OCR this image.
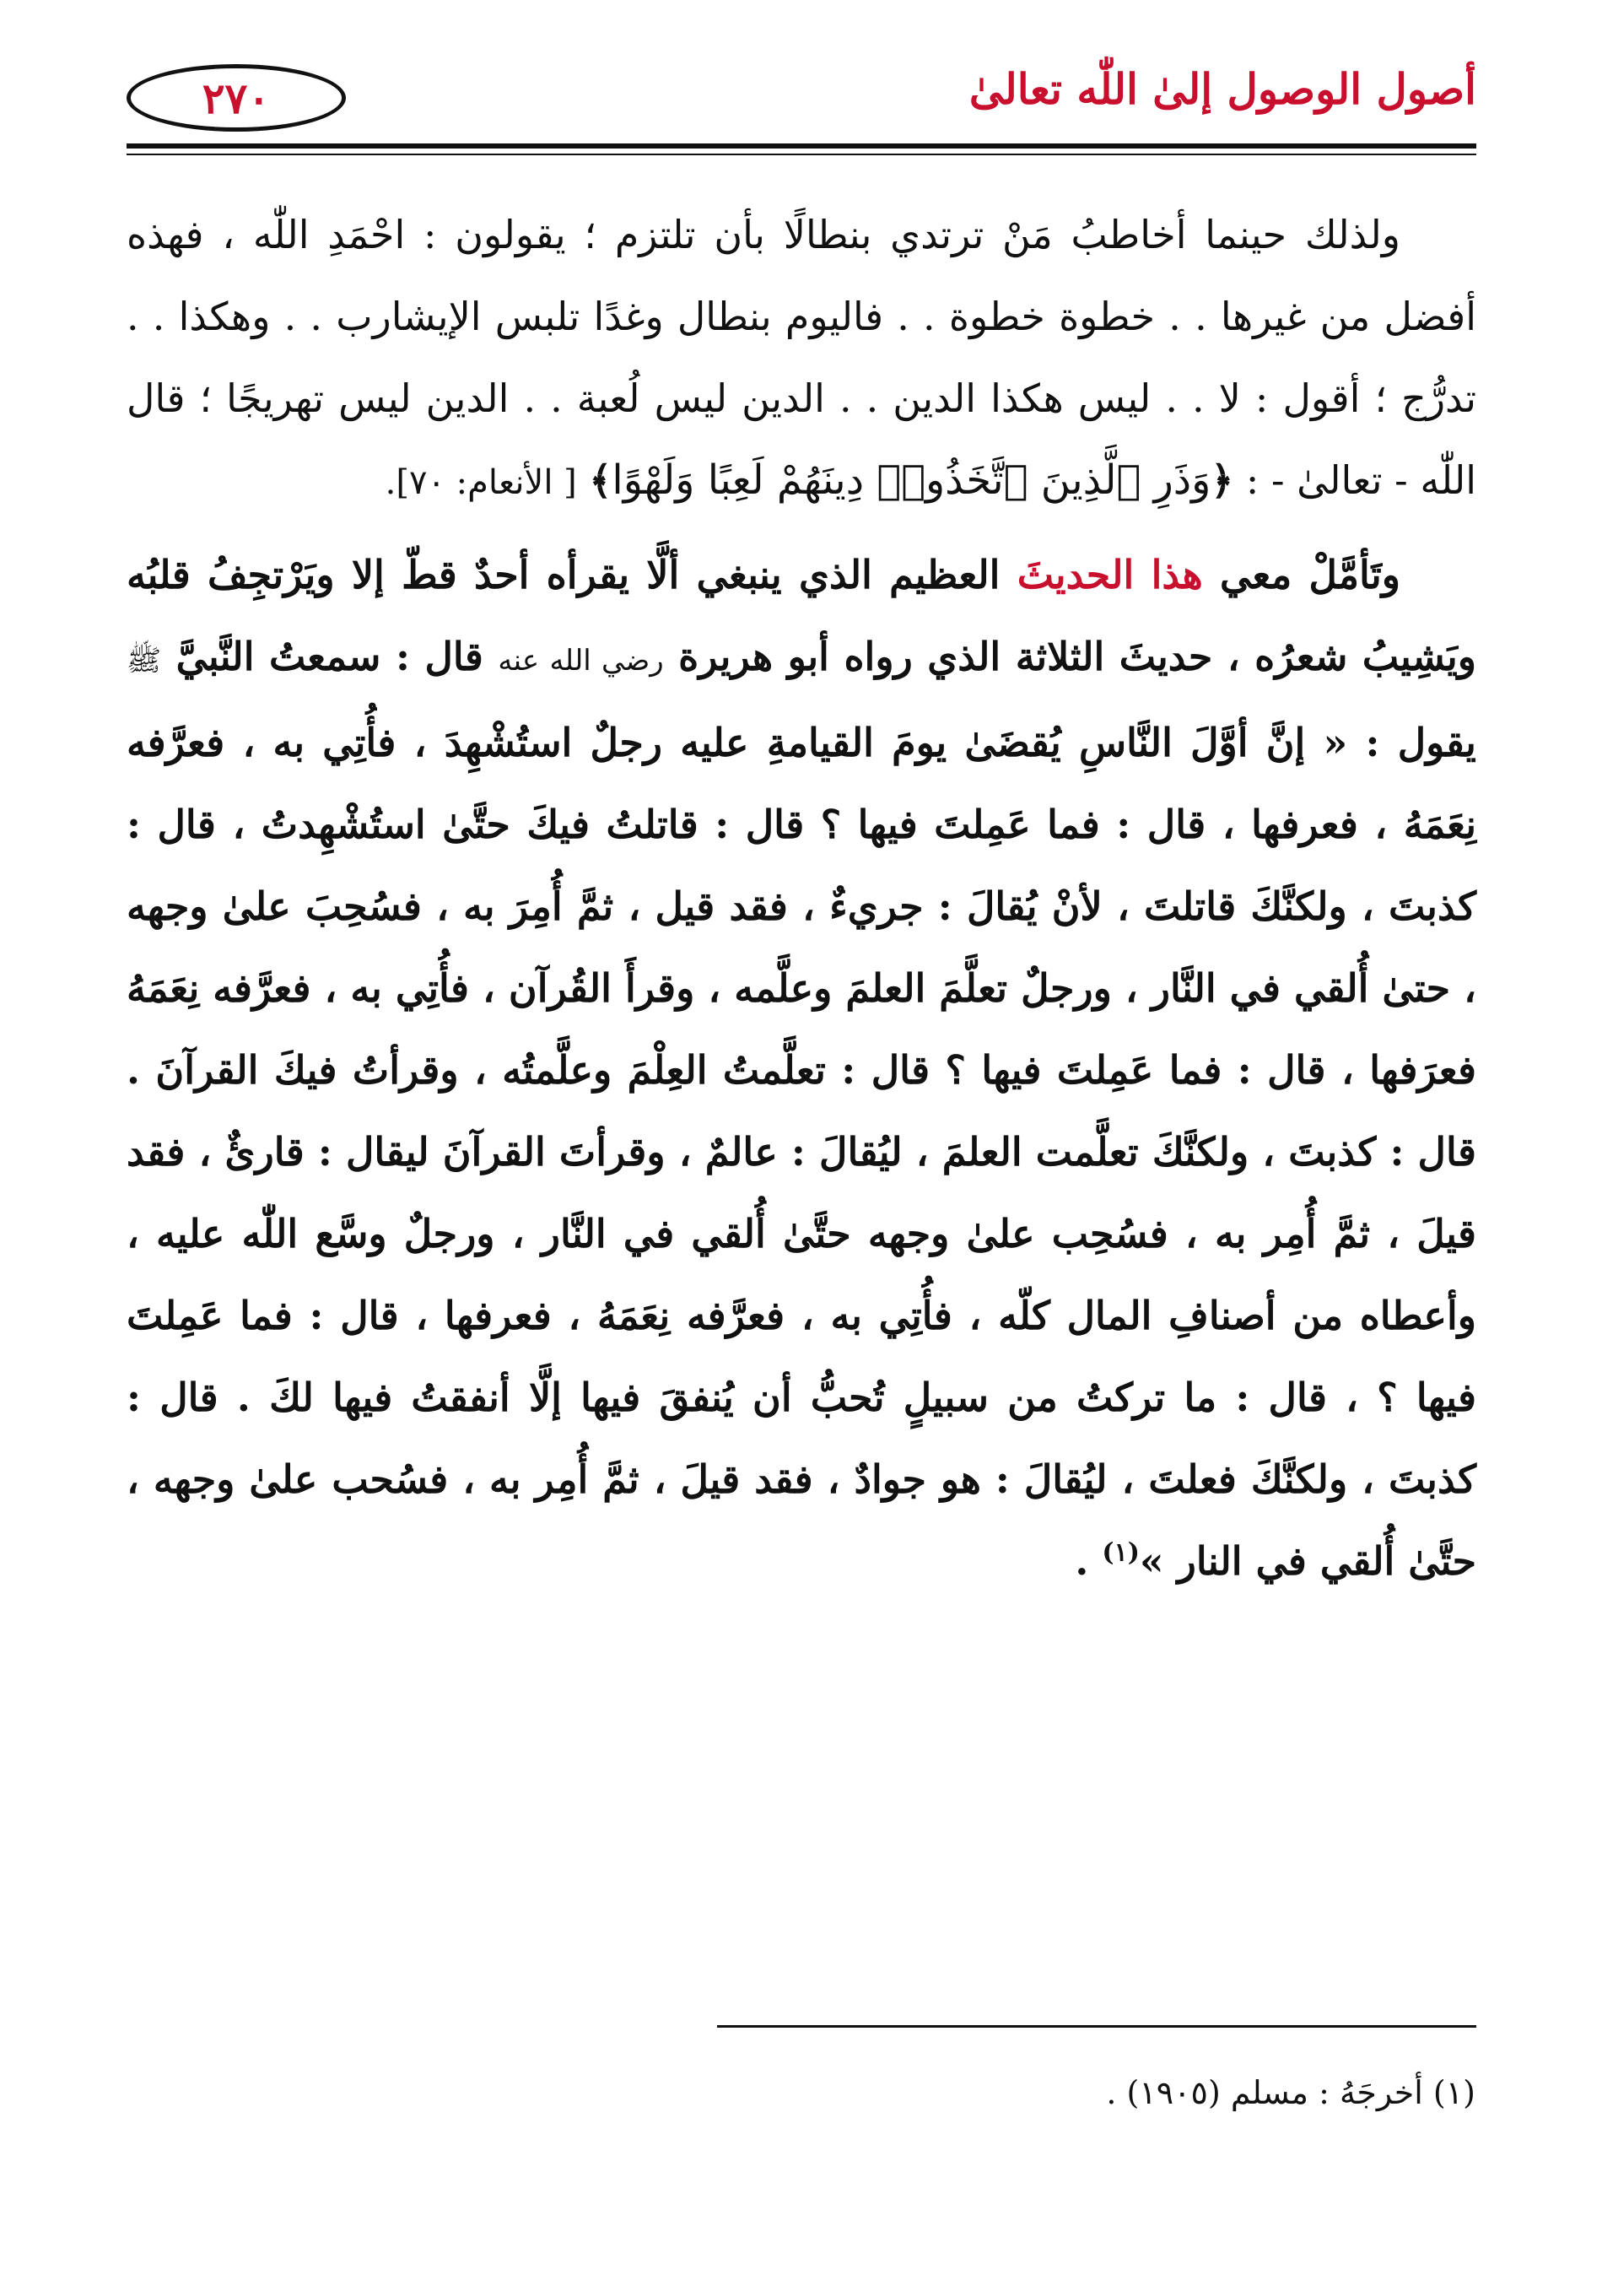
٢٧٠	أصول الوصول إلىٰ اللّٰه تعالىٰ

ولذلك حينما أخاطبُ مَنْ ترتدي بنطالًا بأن تلتزم ؛ يقولون : احْمَدِ اللّٰه ، فهذه أفضل من غيرها . . خطوة خطوة . . فاليوم بنطال وغدًا تلبس الإيشارب . . وهكذا . . تدرُّج ؛ أقول : لا . . ليس هكذا الدين . . الدين ليس لُعبة . . الدين ليس تهريجًا ؛ قال اللّٰه - تعالىٰ - : ﴿وَذَرِ ٱلَّذِينَ ٱتَّخَذُوا۟ دِينَهُمْ لَعِبًا وَلَهْوًا﴾ [ الأنعام: ٧٠].

وتَأمَّلْ معي هذا الحديثَ العظيم الذي ينبغي ألَّا يقرأه أحدٌ قطّ إلا ويَرْتجِفُ قلبُه ويَشِيبُ شعرُه ، حديثَ الثلاثة الذي رواه أبو هريرة رضي الله عنه قال : سمعتُ النَّبيَّ ﷺ يقول : « إنَّ أوَّلَ النَّاسِ يُقضَىٰ يومَ القيامةِ عليه رجلٌ استُشْهِدَ ، فأُتِي به ، فعرَّفه نِعَمَهُ ، فعرفها ، قال : فما عَمِلتَ فيها ؟ قال : قاتلتُ فيكَ حتَّىٰ استُشْهِدتُ ، قال : كذبتَ ، ولكنَّكَ قاتلتَ ، لأنْ يُقالَ : جريءٌ ، فقد قيل ، ثمَّ أُمِرَ به ، فسُحِبَ علىٰ وجهه ، حتىٰ أُلقي في النَّار ، ورجلٌ تعلَّمَ العلمَ وعلَّمه ، وقرأَ القُرآن ، فأُتِي به ، فعرَّفه نِعَمَهُ فعرَفها ، قال : فما عَمِلتَ فيها ؟ قال : تعلَّمتُ العِلْمَ وعلَّمتُه ، وقرأتُ فيكَ القرآنَ . قال : كذبتَ ، ولكنَّكَ تعلَّمت العلمَ ، ليُقالَ : عالمٌ ، وقرأتَ القرآنَ ليقال : قارئٌ ، فقد قيلَ ، ثمَّ أُمِر به ، فسُحِب علىٰ وجهه حتَّىٰ أُلقي في النَّار ، ورجلٌ وسَّع اللّٰه عليه ، وأعطاه من أصنافِ المال كلّه ، فأُتِي به ، فعرَّفه نِعَمَهُ ، فعرفها ، قال : فما عَمِلتَ فيها ؟ ، قال : ما تركتُ من سبيلٍ تُحبُّ أن يُنفقَ فيها إلَّا أنفقتُ فيها لكَ . قال : كذبتَ ، ولكنَّكَ فعلتَ ، ليُقالَ : هو جوادٌ ، فقد قيلَ ، ثمَّ أُمِر به ، فسُحب علىٰ وجهه ، حتَّىٰ أُلقي في النار »$^{(١)}$ .

(١) أخرجَهُ : مسلم (١٩٠٥) .
